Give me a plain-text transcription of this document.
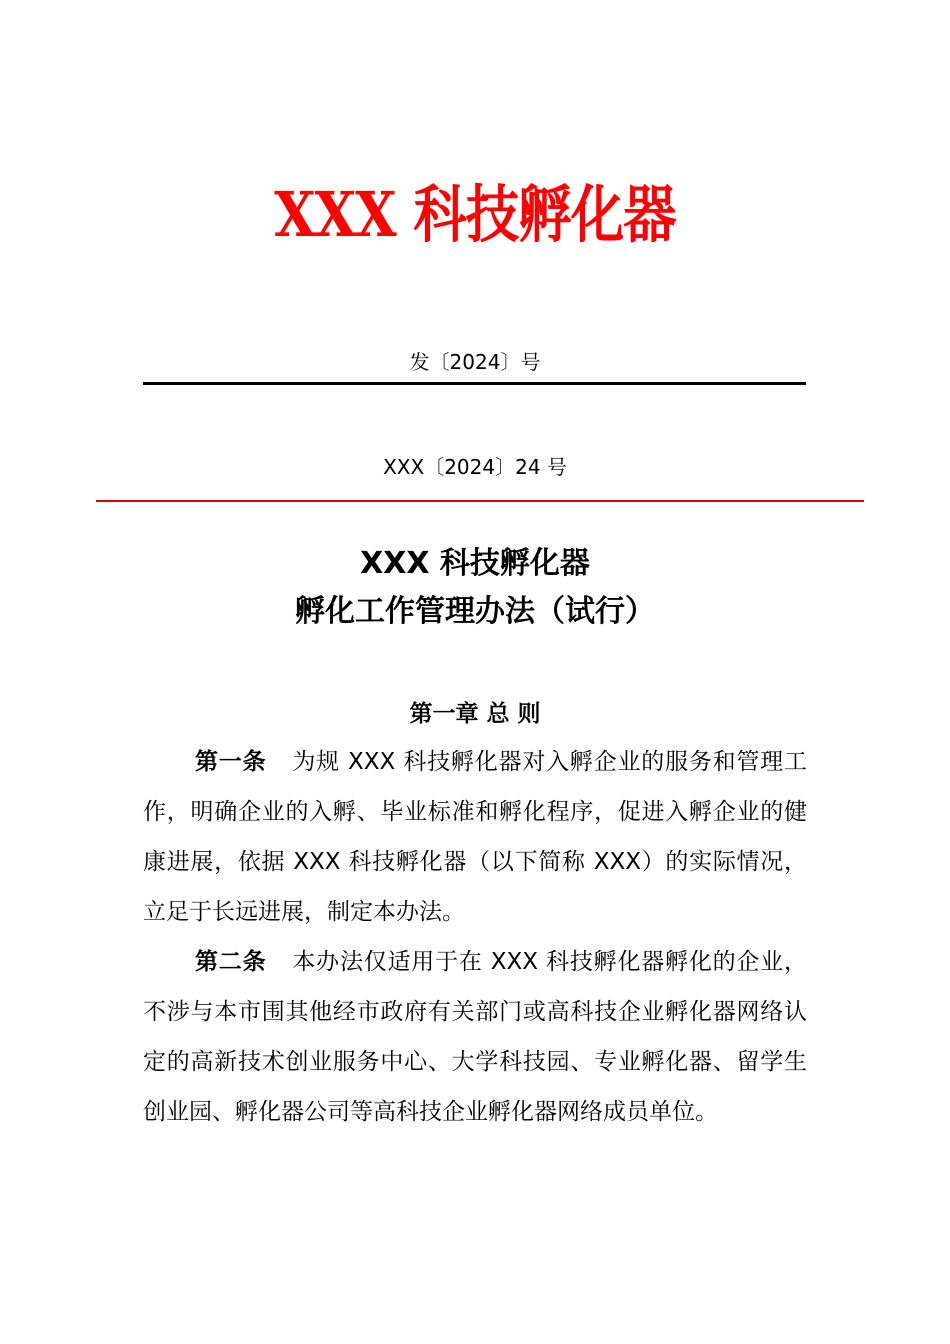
XXX 科技孵化器
发〔2024〕号
XXX〔2024〕24 号
XXX 科技孵化器
孵化工作管理办法（试行）
第一章 总 则
第一条 为规 XXX 科技孵化器对入孵企业的服务和管理工作，明确企业的入孵、毕业标准和孵化程序，促进入孵企业的健康进展，依据 XXX 科技孵化器（以下简称 XXX）的实际情况，立足于长远进展，制定本办法。
第二条 本办法仅适用于在 XXX 科技孵化器孵化的企业，不涉与本市围其他经市政府有关部门或高科技企业孵化器网络认定的高新技术创业服务中心、大学科技园、专业孵化器、留学生创业园、孵化器公司等高科技企业孵化器网络成员单位。
